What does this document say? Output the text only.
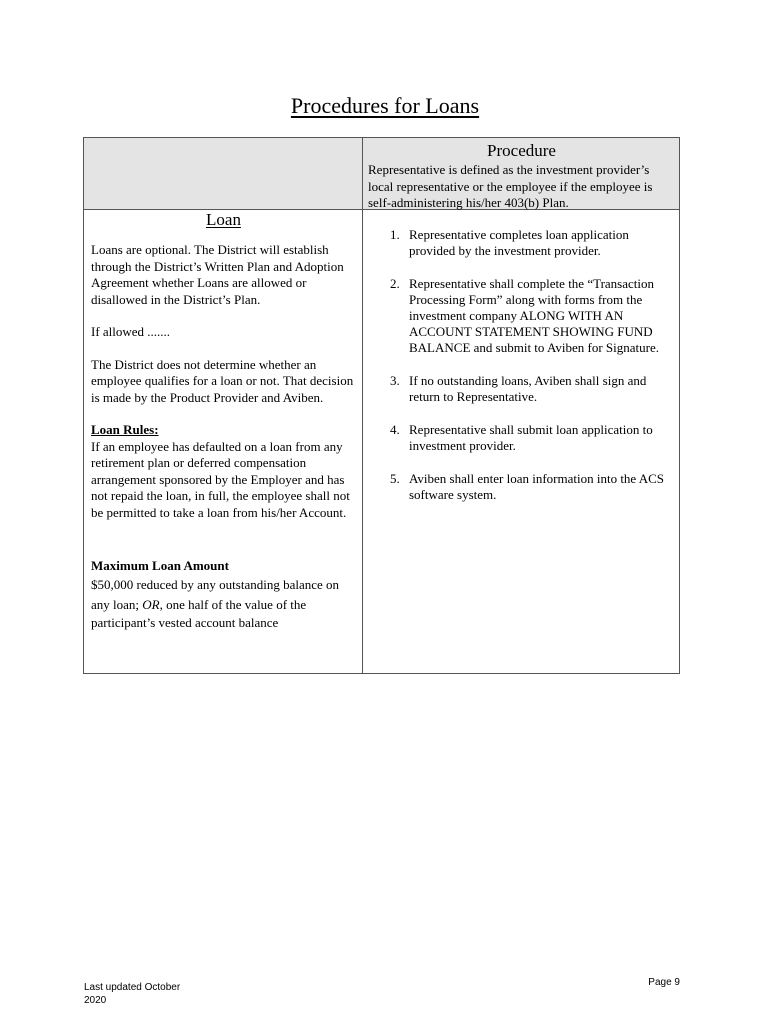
Procedures for Loans

Procedure

Representative is defined as the investment provider’s local representative or the employee if the employee is self-administering his/her 403(b) Plan.

Loan

Loans are optional. The District will establish through the District’s Written Plan and Adoption Agreement whether Loans are allowed or disallowed in the District’s Plan.

If allowed .......

The District does not determine whether an employee qualifies for a loan or not. That decision is made by the Product Provider and Aviben.

Loan Rules:

If an employee has defaulted on a loan from any retirement plan or deferred compensation arrangement sponsored by the Employer and has not repaid the loan, in full, the employee shall not be permitted to take a loan from his/her Account.

Maximum Loan Amount

$50,000 reduced by any outstanding balance on
any loan; OR, one half of the value of the
participant’s vested account balance

1. Representative completes loan application provided by the investment provider.
2. Representative shall complete the “Transaction Processing Form” along with forms from the investment company ALONG WITH AN ACCOUNT STATEMENT SHOWING FUND BALANCE and submit to Aviben for Signature.
3. If no outstanding loans, Aviben shall sign and return to Representative.
4. Representative shall submit loan application to investment provider.
5. Aviben shall enter loan information into the ACS software system.
Last updated October 2020
Page 9
